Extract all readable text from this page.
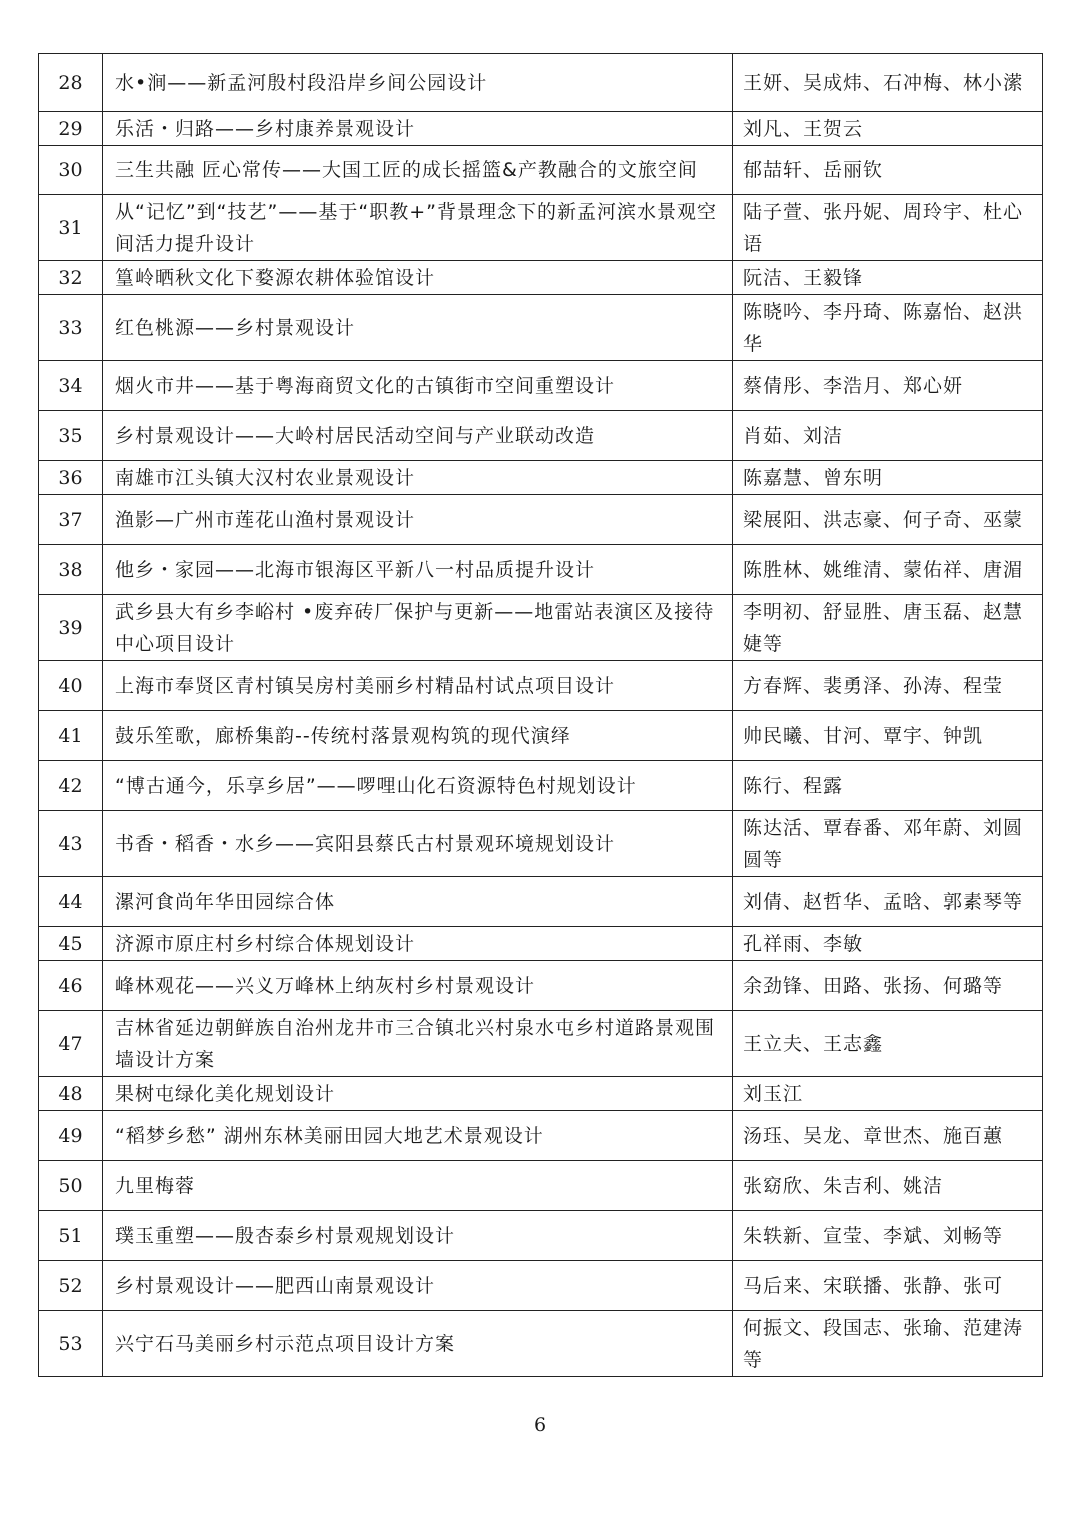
28	水•涧——新孟河殷村段沿岸乡间公园设计	王妍、吴成炜、石冲梅、林小潆
29	乐活・归路——乡村康养景观设计	刘凡、王贺云
30	三生共融 匠心常传——大国工匠的成长摇篮&产教融合的文旅空间	郁喆轩、岳丽钦
31	从“记忆”到“技艺”——基于“职教+”背景理念下的新孟河滨水景观空间活力提升设计	陆子萱、张丹妮、周玲宇、杜心语
32	篁岭晒秋文化下婺源农耕体验馆设计	阮洁、王毅锋
33	红色桃源——乡村景观设计	陈晓吟、李丹琦、陈嘉怡、赵洪华
34	烟火市井——基于粤海商贸文化的古镇街市空间重塑设计	蔡倩彤、李浩月、郑心妍
35	乡村景观设计——大岭村居民活动空间与产业联动改造	肖茹、刘洁
36	南雄市江头镇大汉村农业景观设计	陈嘉慧、曾东明
37	渔影—广州市莲花山渔村景观设计	梁展阳、洪志豪、何子奇、巫蒙
38	他乡・家园——北海市银海区平新八一村品质提升设计	陈胜林、姚维清、蒙佑祥、唐湄
39	武乡县大有乡李峪村 •废弃砖厂保护与更新——地雷站表演区及接待中心项目设计	李明初、舒显胜、唐玉磊、赵慧婕等
40	上海市奉贤区青村镇吴房村美丽乡村精品村试点项目设计	方春辉、裴勇泽、孙涛、程莹
41	鼓乐笙歌，廊桥集韵--传统村落景观构筑的现代演绎	帅民曦、甘河、覃宇、钟凯
42	“博古通今，乐享乡居”——啰哩山化石资源特色村规划设计	陈行、程露
43	书香・稻香・水乡——宾阳县蔡氏古村景观环境规划设计	陈达活、覃春番、邓年蔚、刘圆圆等
44	漯河食尚年华田园综合体	刘倩、赵哲华、孟晗、郭素琴等
45	济源市原庄村乡村综合体规划设计	孔祥雨、李敏
46	峰林观花——兴义万峰林上纳灰村乡村景观设计	余劲锋、田路、张扬、何璐等
47	吉林省延边朝鲜族自治州龙井市三合镇北兴村泉水屯乡村道路景观围墙设计方案	王立夫、王志鑫
48	果树屯绿化美化规划设计	刘玉江
49	“稻梦乡愁” 湖州东林美丽田园大地艺术景观设计	汤珏、吴龙、章世杰、施百蕙
50	九里梅蓉	张窈欣、朱吉利、姚洁
51	璞玉重塑——殷杏泰乡村景观规划设计	朱轶新、宣莹、李斌、刘畅等
52	乡村景观设计——肥西山南景观设计	马后来、宋联播、张静、张可
53	兴宁石马美丽乡村示范点项目设计方案	何振文、段国志、张瑜、范建涛等
6
